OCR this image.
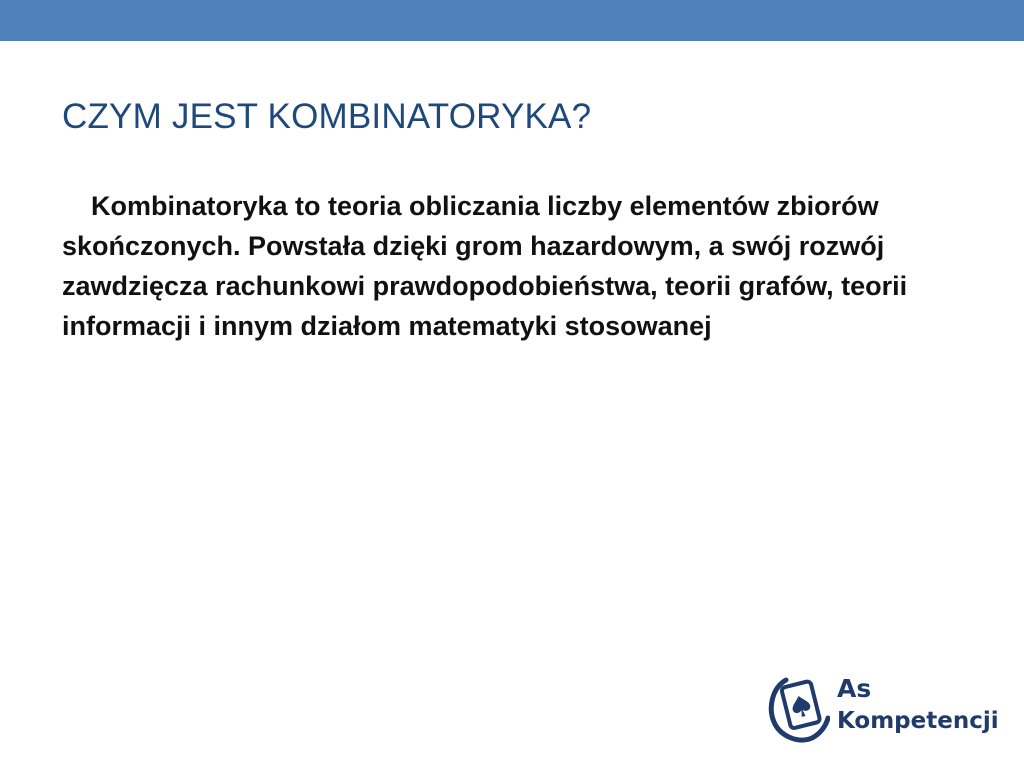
CZYM JEST KOMBINATORYKA?

Kombinatoryka to teoria obliczania liczby elementów zbiorów skończonych. Powstała dzięki grom hazardowym, a swój rozwój zawdzięcza rachunkowi prawdopodobieństwa, teorii grafów, teorii informacji i innym działom matematyki stosowanej

As
Kompetencji
